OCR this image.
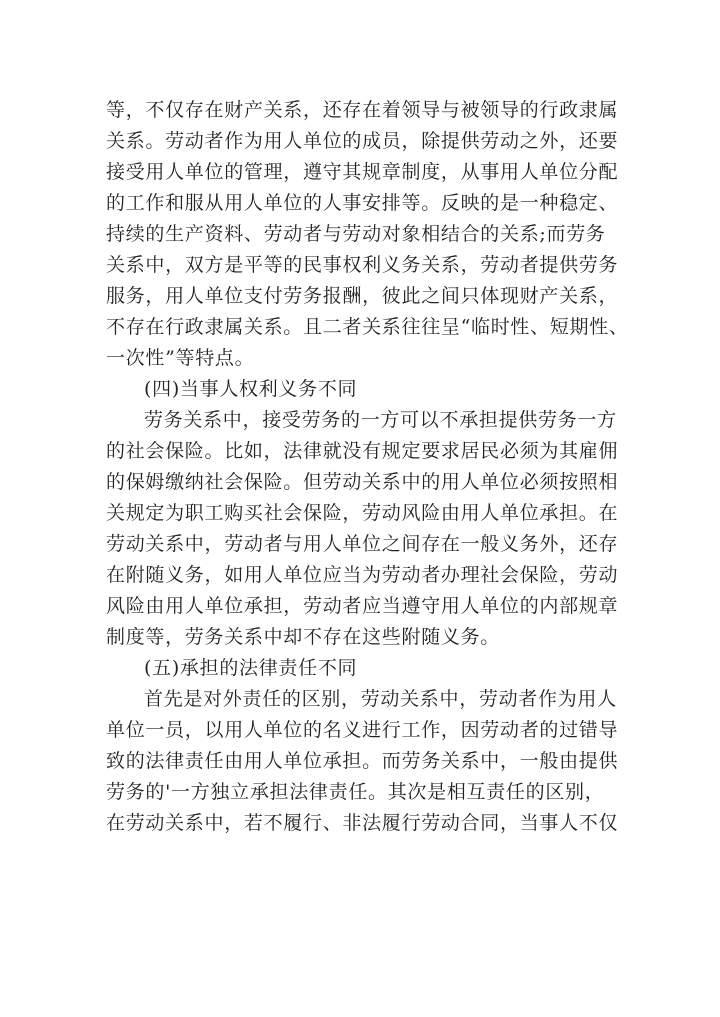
等，不仅存在财产关系，还存在着领导与被领导的行政隶属
关系。劳动者作为用人单位的成员，除提供劳动之外，还要
接受用人单位的管理，遵守其规章制度，从事用人单位分配
的工作和服从用人单位的人事安排等。反映的是一种稳定、
持续的生产资料、劳动者与劳动对象相结合的关系;而劳务
关系中，双方是平等的民事权利义务关系，劳动者提供劳务
服务，用人单位支付劳务报酬，彼此之间只体现财产关系，
不存在行政隶属关系。且二者关系往往呈“临时性、短期性、
一次性”等特点。
(四)当事人权利义务不同
劳务关系中，接受劳务的一方可以不承担提供劳务一方
的社会保险。比如，法律就没有规定要求居民必须为其雇佣
的保姆缴纳社会保险。但劳动关系中的用人单位必须按照相
关规定为职工购买社会保险，劳动风险由用人单位承担。在
劳动关系中，劳动者与用人单位之间存在一般义务外，还存
在附随义务，如用人单位应当为劳动者办理社会保险，劳动
风险由用人单位承担，劳动者应当遵守用人单位的内部规章
制度等，劳务关系中却不存在这些附随义务。
(五)承担的法律责任不同
首先是对外责任的区别，劳动关系中，劳动者作为用人
单位一员，以用人单位的名义进行工作，因劳动者的过错导
致的法律责任由用人单位承担。而劳务关系中，一般由提供
劳务的'一方独立承担法律责任。其次是相互责任的区别，
在劳动关系中，若不履行、非法履行劳动合同，当事人不仅
